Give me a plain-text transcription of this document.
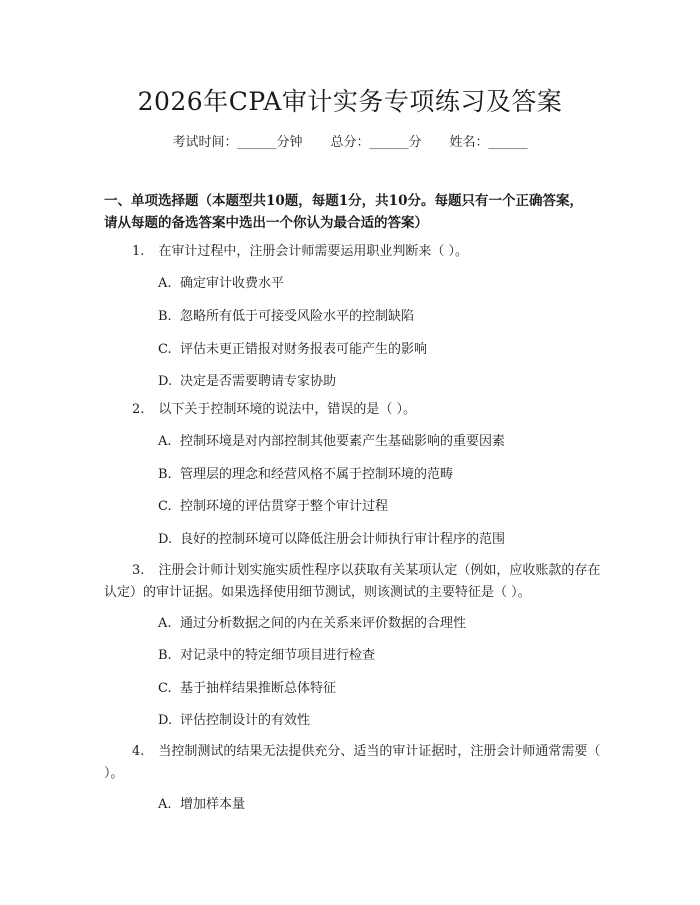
2026年CPA审计实务专项练习及答案
考试时间：______分钟 总分：______分 姓名：______
一、单项选择题（本题型共10题，每题1分，共10分。每题只有一个正确答案，请从每题的备选答案中选出一个你认为最合适的答案）
1. 在审计过程中，注册会计师需要运用职业判断来（ ）。
A. 确定审计收费水平
B. 忽略所有低于可接受风险水平的控制缺陷
C. 评估未更正错报对财务报表可能产生的影响
D. 决定是否需要聘请专家协助
2. 以下关于控制环境的说法中，错误的是（ ）。
A. 控制环境是对内部控制其他要素产生基础影响的重要因素
B. 管理层的理念和经营风格不属于控制环境的范畴
C. 控制环境的评估贯穿于整个审计过程
D. 良好的控制环境可以降低注册会计师执行审计程序的范围
3. 注册会计师计划实施实质性程序以获取有关某项认定（例如，应收账款的存在认定）的审计证据。如果选择使用细节测试，则该测试的主要特征是（ ）。
A. 通过分析数据之间的内在关系来评价数据的合理性
B. 对记录中的特定细节项目进行检查
C. 基于抽样结果推断总体特征
D. 评估控制设计的有效性
4. 当控制测试的结果无法提供充分、适当的审计证据时，注册会计师通常需要（ ）。
A. 增加样本量
